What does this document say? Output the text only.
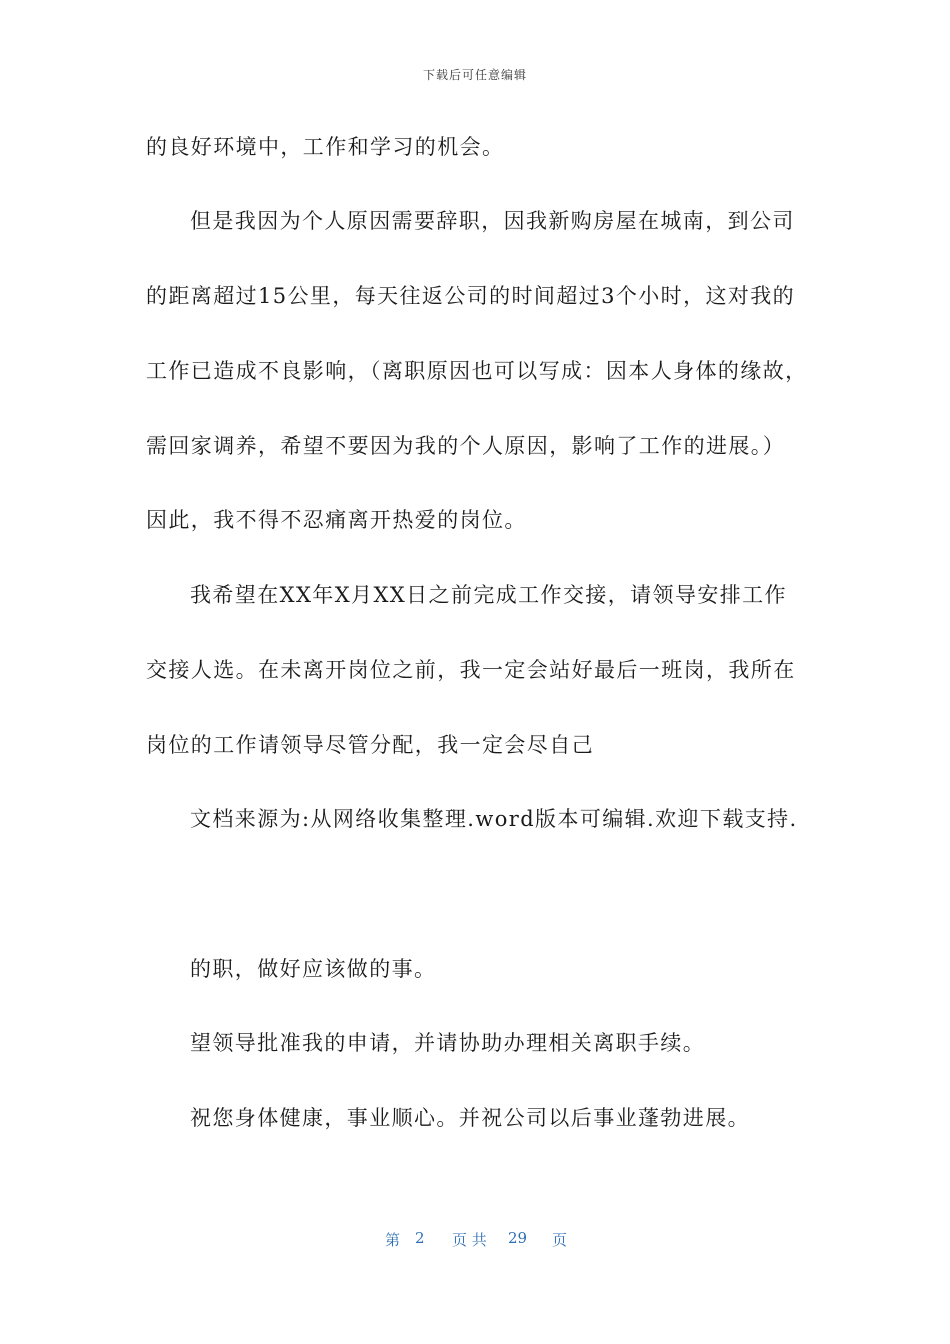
下载后可任意编辑
的良好环境中，工作和学习的机会。
但是我因为个人原因需要辞职，因我新购房屋在城南，到公司
的距离超过15公里，每天往返公司的时间超过3个小时，这对我的
工作已造成不良影响，（离职原因也可以写成：因本人身体的缘故，
需回家调养，希望不要因为我的个人原因，影响了工作的进展。）
因此，我不得不忍痛离开热爱的岗位。
我希望在XX年X月XX日之前完成工作交接，请领导安排工作
交接人选。在未离开岗位之前，我一定会站好最后一班岗，我所在
岗位的工作请领导尽管分配，我一定会尽自己
文档来源为:从网络收集整理.word版本可编辑.欢迎下载支持.
的职，做好应该做的事。
望领导批准我的申请，并请协助办理相关离职手续。
祝您身体健康，事业顺心。并祝公司以后事业蓬勃进展。
第 2 页 共 29 页
